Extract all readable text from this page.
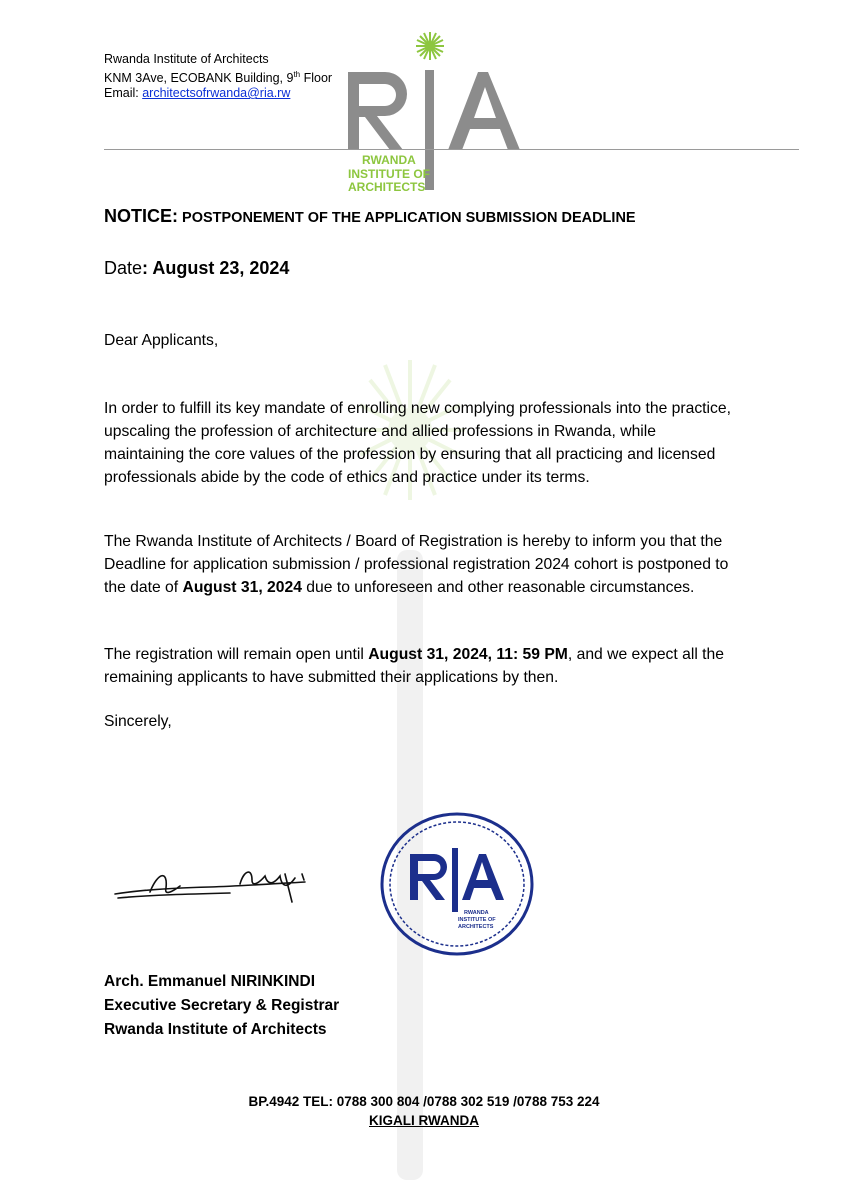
Rwanda Institute of Architects
KNM 3Ave, ECOBANK Building, 9th Floor
Email: architectsofrwanda@ria.rw
RWANDA
INSTITUTE OF
ARCHITECTS
NOTICE: POSTPONEMENT OF THE APPLICATION SUBMISSION DEADLINE
Date: August 23, 2024
Dear Applicants,
In order to fulfill its key mandate of enrolling new complying professionals into the practice,
upscaling the profession of architecture and allied professions in Rwanda, while
maintaining the core values of the profession by ensuring that all practicing and licensed
professionals abide by the code of ethics and practice under its terms.
The Rwanda Institute of Architects / Board of Registration is hereby to inform you that the
Deadline for application submission / professional registration 2024 cohort is postponed to
the date of August 31, 2024 due to unforeseen and other reasonable circumstances.
The registration will remain open until August 31, 2024, 11: 59 PM, and we expect all the
remaining applicants to have submitted their applications by then.
Sincerely,
RWANDA
INSTITUTE OF
ARCHITECTS
Arch. Emmanuel NIRINKINDI
Executive Secretary & Registrar
Rwanda Institute of Architects
BP.4942 TEL: 0788 300 804 /0788 302 519 /0788 753 224
KIGALI RWANDA
